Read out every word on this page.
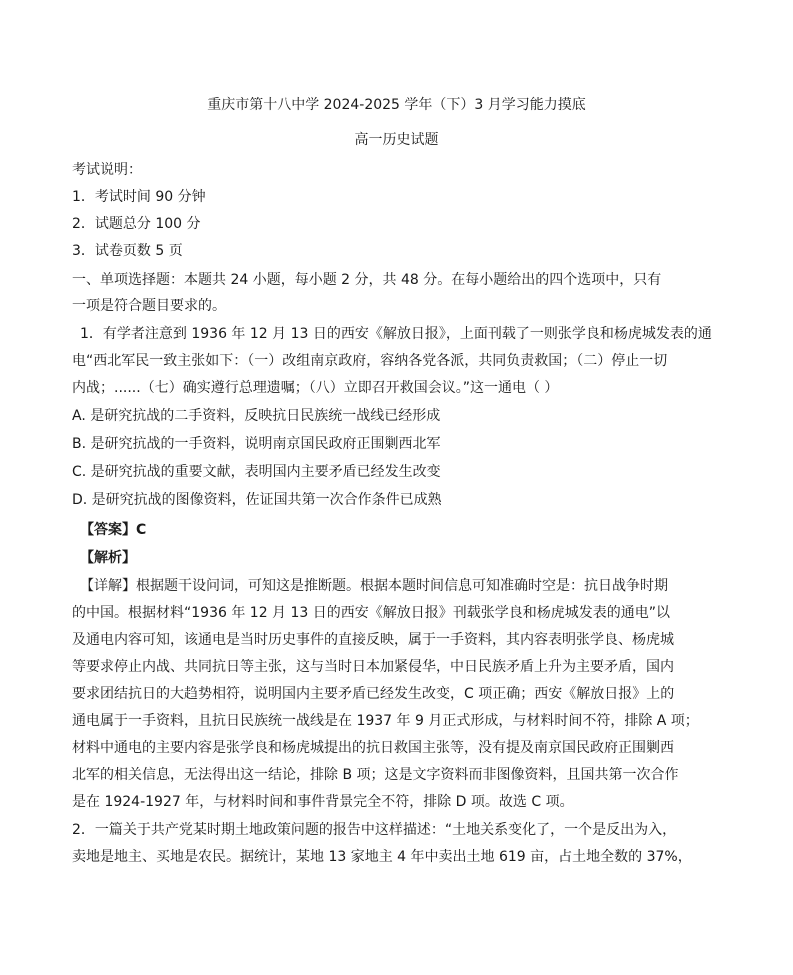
重庆市第十八中学 2024-2025 学年（下）3 月学习能力摸底
高一历史试题
考试说明：
1．考试时间 90 分钟
2．试题总分 100 分
3．试卷页数 5 页
一、单项选择题：本题共 24 小题，每小题 2 分，共 48 分。在每小题给出的四个选项中，只有
一项是符合题目要求的。
1．有学者注意到 1936 年 12 月 13 日的西安《解放日报》，上面刊载了一则张学良和杨虎城发表的通
电“西北军民一致主张如下：（一）改组南京政府，容纳各党各派，共同负责救国；（二）停止一切
内战；......（七）确实遵行总理遗嘱；（八）立即召开救国会议。”这一通电（ ）
A. 是研究抗战的二手资料，反映抗日民族统一战线已经形成
B. 是研究抗战的一手资料，说明南京国民政府正围剿西北军
C. 是研究抗战的重要文献，表明国内主要矛盾已经发生改变
D. 是研究抗战的图像资料，佐证国共第一次合作条件已成熟
【答案】C
【解析】
【详解】根据题干设问词，可知这是推断题。根据本题时间信息可知准确时空是：抗日战争时期
的中国。根据材料“1936 年 12 月 13 日的西安《解放日报》刊载张学良和杨虎城发表的通电”以
及通电内容可知，该通电是当时历史事件的直接反映，属于一手资料，其内容表明张学良、杨虎城
等要求停止内战、共同抗日等主张，这与当时日本加紧侵华，中日民族矛盾上升为主要矛盾，国内
要求团结抗日的大趋势相符，说明国内主要矛盾已经发生改变，C 项正确；西安《解放日报》上的
通电属于一手资料，且抗日民族统一战线是在 1937 年 9 月正式形成，与材料时间不符，排除 A 项；
材料中通电的主要内容是张学良和杨虎城提出的抗日救国主张等，没有提及南京国民政府正围剿西
北军的相关信息，无法得出这一结论，排除 B 项；这是文字资料而非图像资料，且国共第一次合作
是在 1924-1927 年，与材料时间和事件背景完全不符，排除 D 项。故选 C 项。
2．一篇关于共产党某时期土地政策问题的报告中这样描述：“土地关系变化了，一个是反出为入，
卖地是地主、买地是农民。据统计，某地 13 家地主 4 年中卖出土地 619 亩，占土地全数的 37%，
